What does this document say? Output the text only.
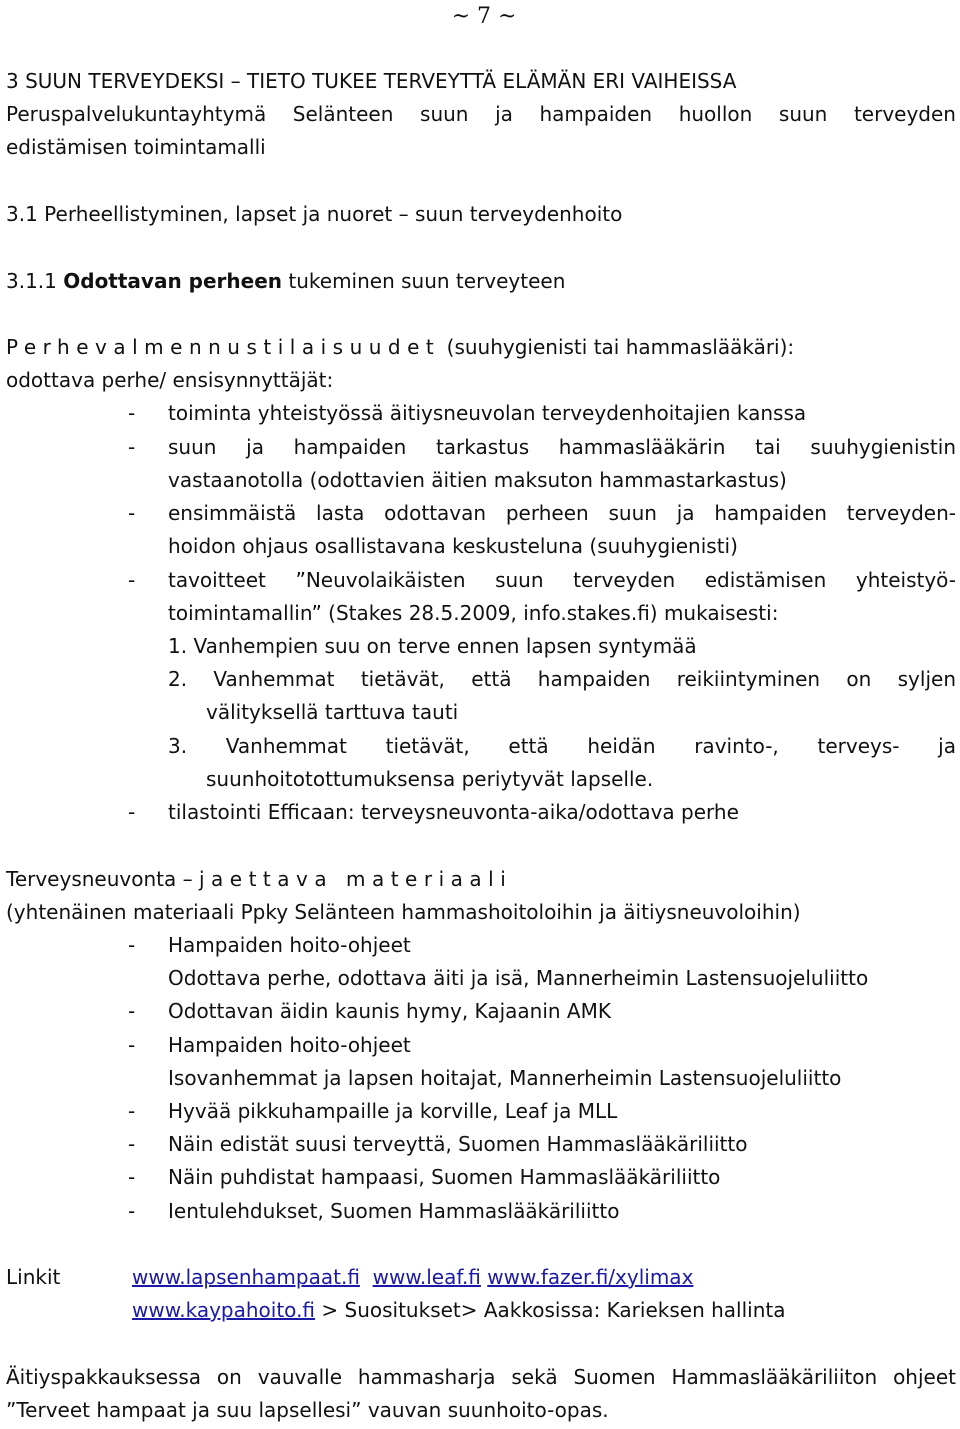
~ 7 ~
3 SUUN TERVEYDEKSI – TIETO TUKEE TERVEYTTÄ ELÄMÄN ERI VAIHEISSA
Peruspalvelukuntayhtymä Selänteen suun ja hampaiden huollon suun terveyden
edistämisen toimintamalli
3.1 Perheellistyminen, lapset ja nuoret – suun terveydenhoito
3.1.1 Odottavan perheen tukeminen suun terveyteen
Perhevalmennustilaisuudet (suuhygienisti tai hammaslääkäri):
odottava perhe/ ensisynnyttäjät:
- toiminta yhteistyössä äitiysneuvolan terveydenhoitajien kanssa
- suun ja hampaiden tarkastus hammaslääkärin tai suuhygienistin
vastaanotolla (odottavien äitien maksuton hammastarkastus)
- ensimmäistä lasta odottavan perheen suun ja hampaiden terveyden-
hoidon ohjaus osallistavana keskusteluna (suuhygienisti)
- tavoitteet ”Neuvolaikäisten suun terveyden edistämisen yhteistyö-
toimintamallin” (Stakes 28.5.2009, info.stakes.fi) mukaisesti:
1. Vanhempien suu on terve ennen lapsen syntymää
2. Vanhemmat tietävät, että hampaiden reikiintyminen on syljen
välityksellä tarttuva tauti
3. Vanhemmat tietävät, että heidän ravinto-, terveys- ja
suunhoitotottumuksensa periytyvät lapselle.
- tilastointi Efficaan: terveysneuvonta-aika/odottava perhe
Terveysneuvonta – jaettava materiaali
(yhtenäinen materiaali Ppky Selänteen hammashoitoloihin ja äitiysneuvoloihin)
- Hampaiden hoito-ohjeet
Odottava perhe, odottava äiti ja isä, Mannerheimin Lastensuojeluliitto
- Odottavan äidin kaunis hymy, Kajaanin AMK
- Hampaiden hoito-ohjeet
Isovanhemmat ja lapsen hoitajat, Mannerheimin Lastensuojeluliitto
- Hyvää pikkuhampaille ja korville, Leaf ja MLL
- Näin edistät suusi terveyttä, Suomen Hammaslääkäriliitto
- Näin puhdistat hampaasi, Suomen Hammaslääkäriliitto
- Ientulehdukset, Suomen Hammaslääkäriliitto
Linkit	www.lapsenhampaat.fi www.leaf.fi www.fazer.fi/xylimax
www.kaypahoito.fi > Suositukset> Aakkosissa: Karieksen hallinta
Äitiyspakkauksessa on vauvalle hammasharja sekä Suomen Hammaslääkäriliiton ohjeet
”Terveet hampaat ja suu lapsellesi” vauvan suunhoito-opas.
